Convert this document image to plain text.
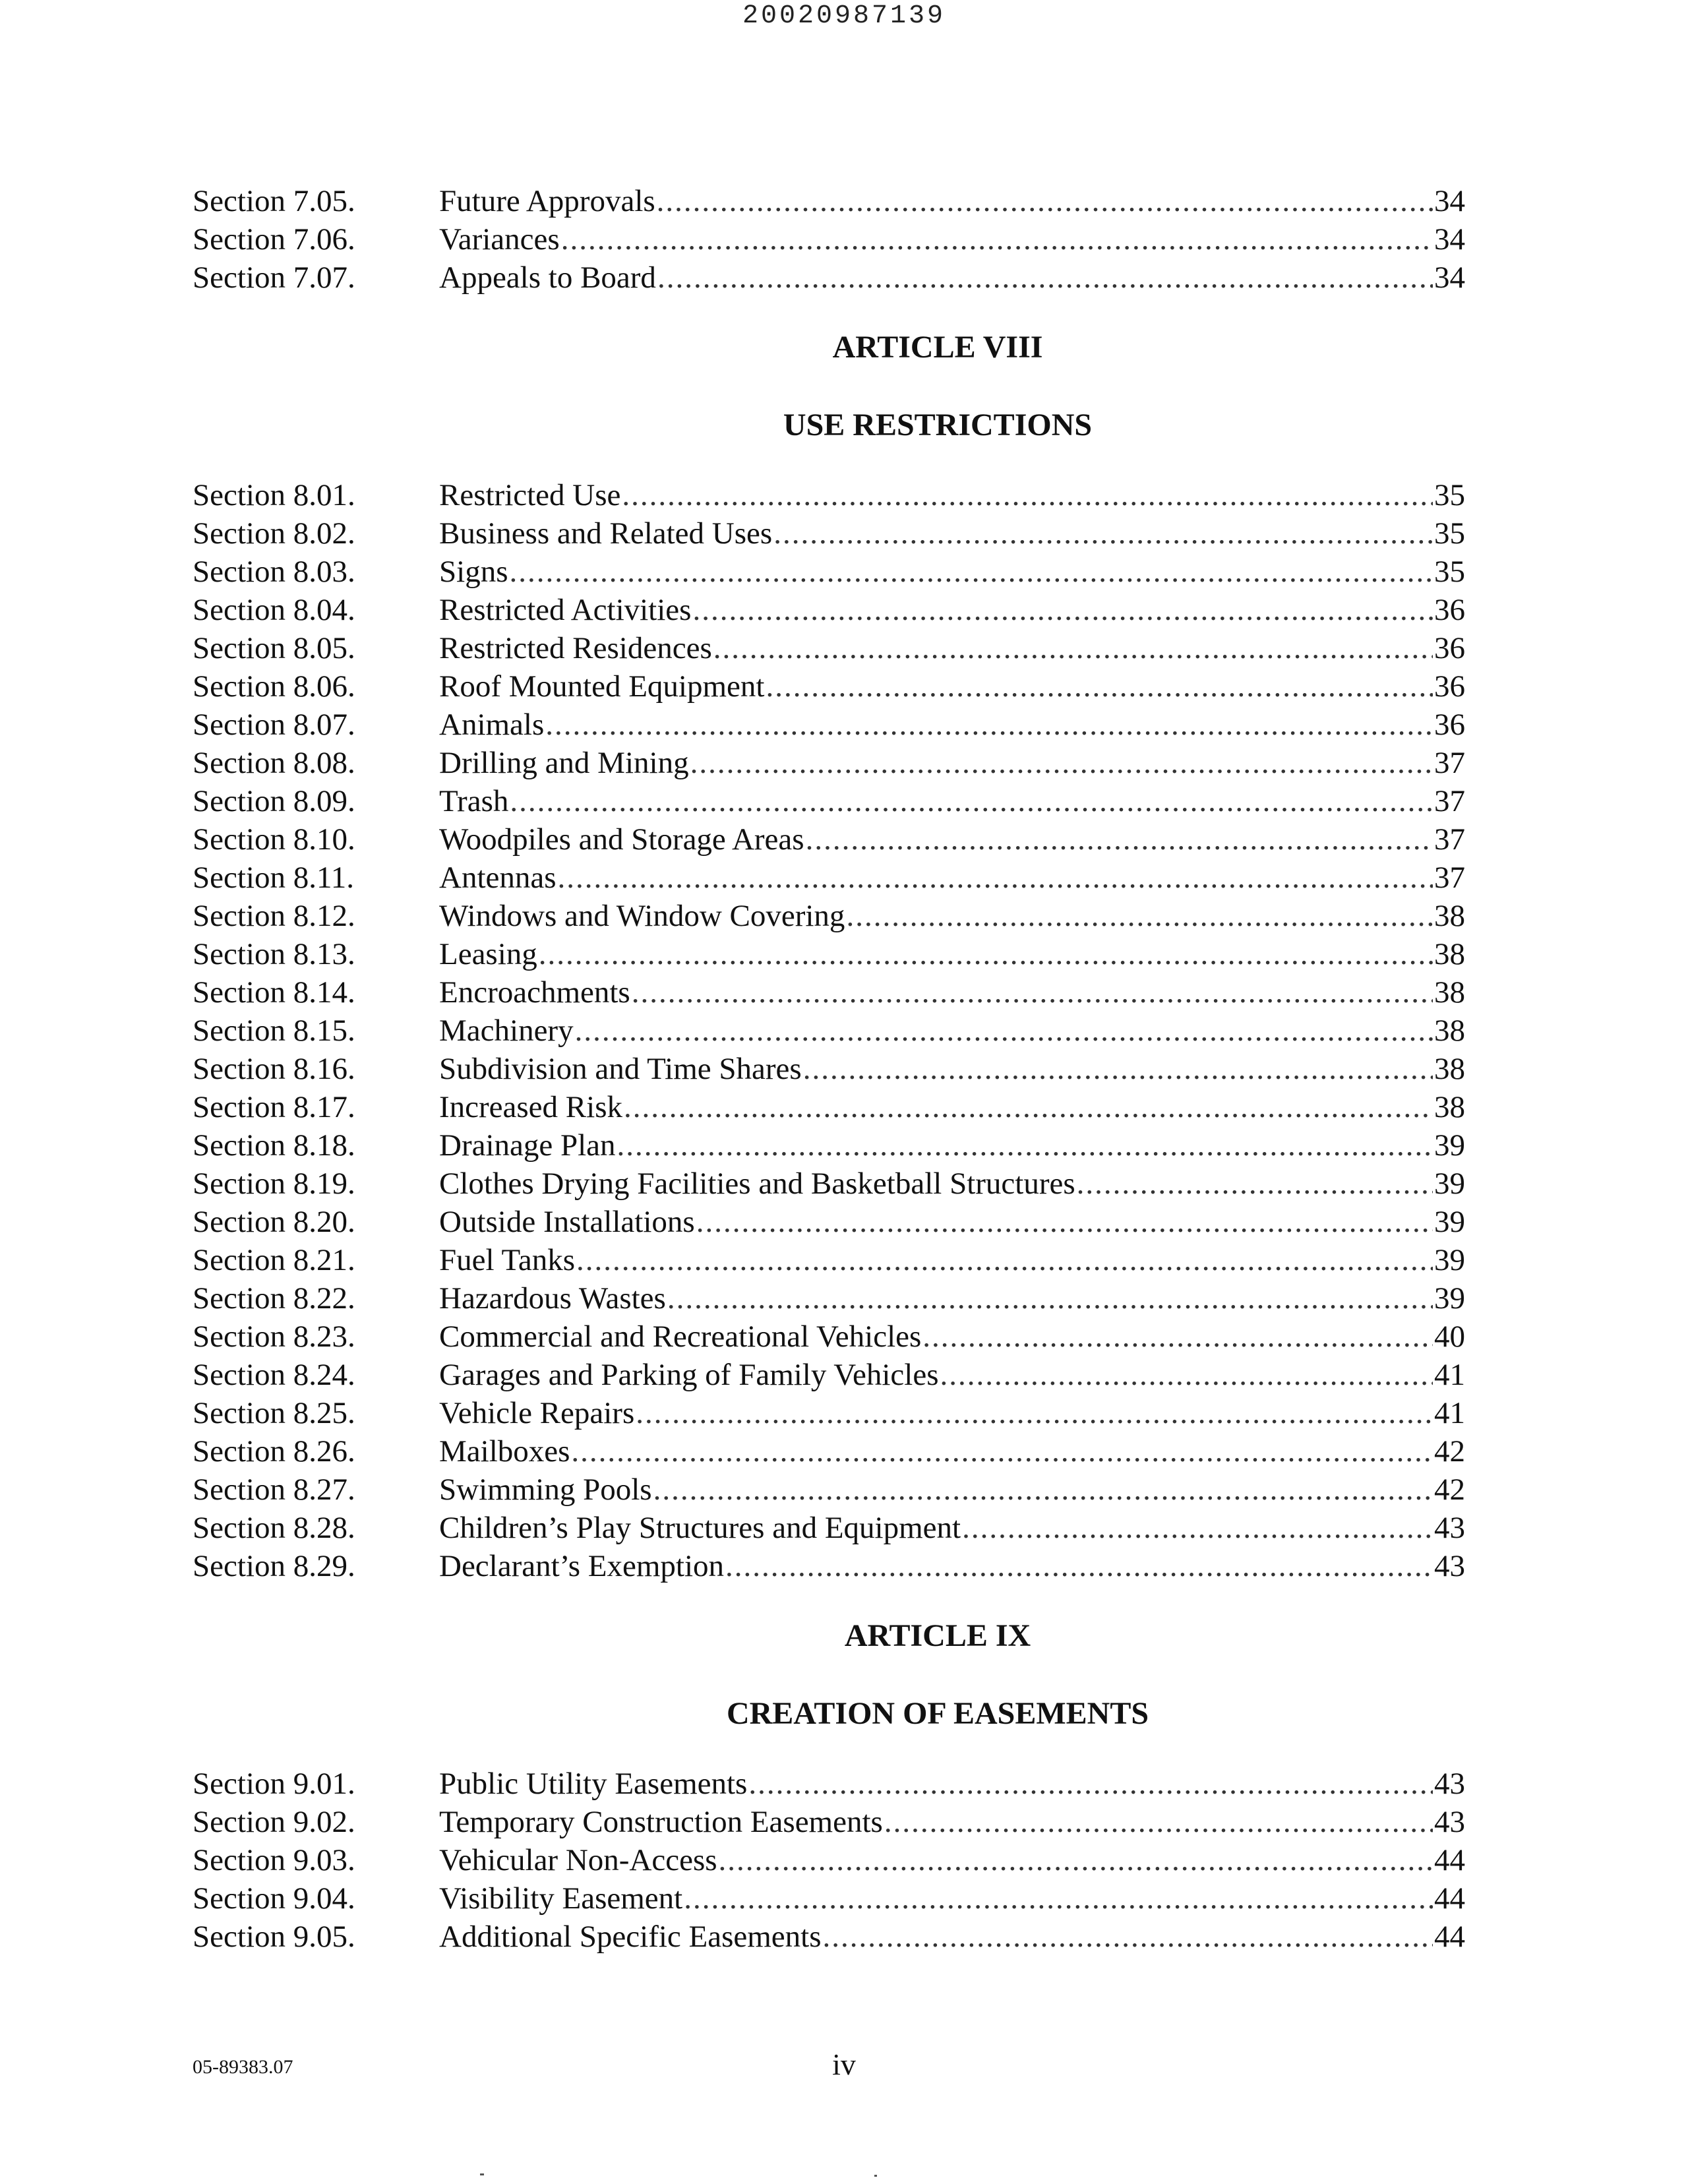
20020987139
Section 7.05.	Future Approvals .....	34
Section 7.06.	Variances .....	34
Section 7.07.	Appeals to Board .....	34
ARTICLE VIII
USE RESTRICTIONS
Section 8.01.	Restricted Use .....	35
Section 8.02.	Business and Related Uses .....	35
Section 8.03.	Signs .....	35
Section 8.04.	Restricted Activities .....	36
Section 8.05.	Restricted Residences .....	36
Section 8.06.	Roof Mounted Equipment .....	36
Section 8.07.	Animals .....	36
Section 8.08.	Drilling and Mining .....	37
Section 8.09.	Trash .....	37
Section 8.10.	Woodpiles and Storage Areas .....	37
Section 8.11.	Antennas .....	37
Section 8.12.	Windows and Window Covering .....	38
Section 8.13.	Leasing .....	38
Section 8.14.	Encroachments .....	38
Section 8.15.	Machinery .....	38
Section 8.16.	Subdivision and Time Shares .....	38
Section 8.17.	Increased Risk .....	38
Section 8.18.	Drainage Plan .....	39
Section 8.19.	Clothes Drying Facilities and Basketball Structures .....	39
Section 8.20.	Outside Installations .....	39
Section 8.21.	Fuel Tanks .....	39
Section 8.22.	Hazardous Wastes .....	39
Section 8.23.	Commercial and Recreational Vehicles .....	40
Section 8.24.	Garages and Parking of Family Vehicles .....	41
Section 8.25.	Vehicle Repairs .....	41
Section 8.26.	Mailboxes .....	42
Section 8.27.	Swimming Pools .....	42
Section 8.28.	Children’s Play Structures and Equipment .....	43
Section 8.29.	Declarant’s Exemption .....	43
ARTICLE IX
CREATION OF EASEMENTS
Section 9.01.	Public Utility Easements .....	43
Section 9.02.	Temporary Construction Easements .....	43
Section 9.03.	Vehicular Non-Access .....	44
Section 9.04.	Visibility Easement .....	44
Section 9.05.	Additional Specific Easements .....	44
05-89383.07	iv
